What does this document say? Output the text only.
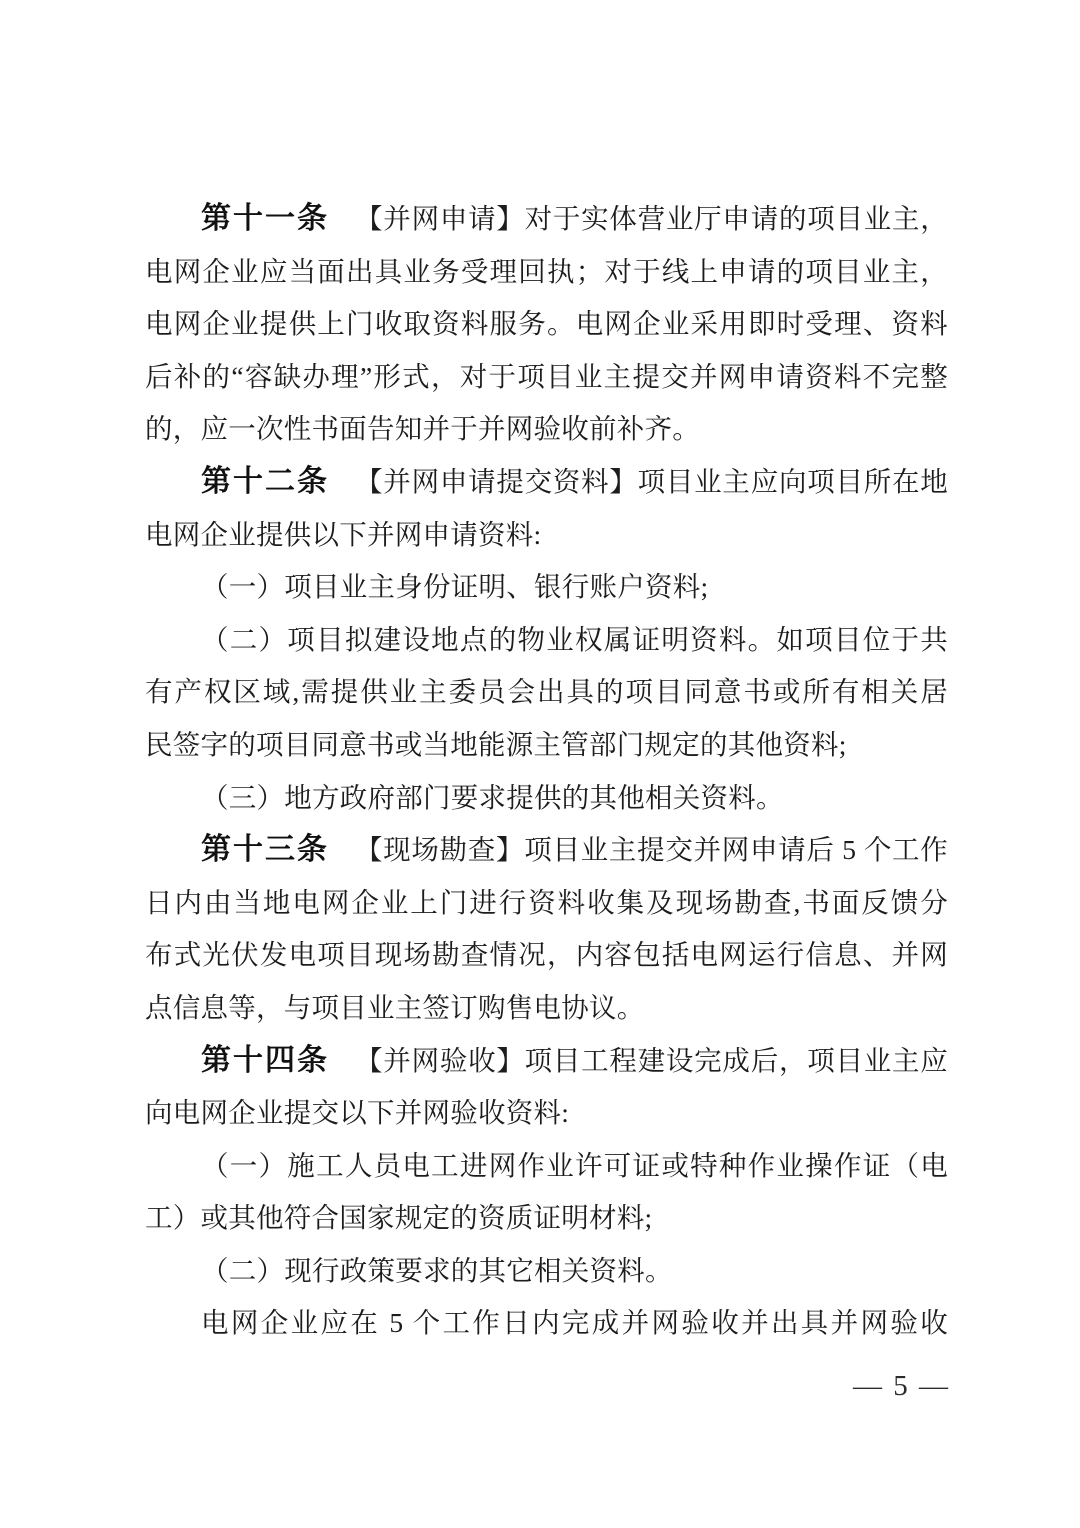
第十一条 【并网申请】对于实体营业厅申请的项目业主，
电网企业应当面出具业务受理回执；对于线上申请的项目业主，
电网企业提供上门收取资料服务。电网企业采用即时受理、资料
后补的“容缺办理”形式，对于项目业主提交并网申请资料不完整
的，应一次性书面告知并于并网验收前补齐。
第十二条 【并网申请提交资料】项目业主应向项目所在地
电网企业提供以下并网申请资料:
（一）项目业主身份证明、银行账户资料;
（二）项目拟建设地点的物业权属证明资料。如项目位于共
有产权区域,需提供业主委员会出具的项目同意书或所有相关居
民签字的项目同意书或当地能源主管部门规定的其他资料;
（三）地方政府部门要求提供的其他相关资料。
第十三条 【现场勘查】项目业主提交并网申请后 5 个工作
日内由当地电网企业上门进行资料收集及现场勘查,书面反馈分
布式光伏发电项目现场勘查情况，内容包括电网运行信息、并网
点信息等，与项目业主签订购售电协议。
第十四条 【并网验收】项目工程建设完成后，项目业主应
向电网企业提交以下并网验收资料:
（一）施工人员电工进网作业许可证或特种作业操作证（电
工）或其他符合国家规定的资质证明材料;
（二）现行政策要求的其它相关资料。
电网企业应在 5 个工作日内完成并网验收并出具并网验收
— 5 —
